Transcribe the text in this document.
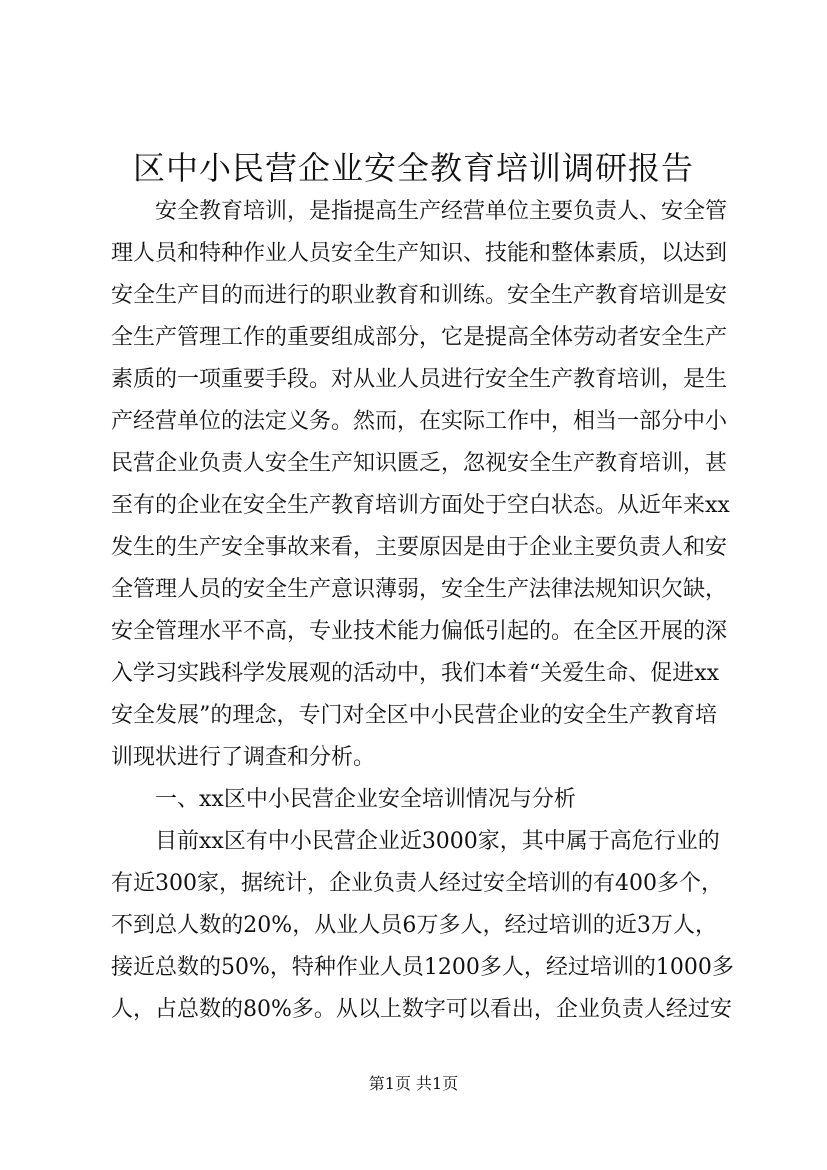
区中小民营企业安全教育培训调研报告
安全教育培训，是指提高生产经营单位主要负责人、安全管
理人员和特种作业人员安全生产知识、技能和整体素质，以达到
安全生产目的而进行的职业教育和训练。安全生产教育培训是安
全生产管理工作的重要组成部分，它是提高全体劳动者安全生产
素质的一项重要手段。对从业人员进行安全生产教育培训，是生
产经营单位的法定义务。然而，在实际工作中，相当一部分中小
民营企业负责人安全生产知识匮乏，忽视安全生产教育培训，甚
至有的企业在安全生产教育培训方面处于空白状态。从近年来xx
发生的生产安全事故来看，主要原因是由于企业主要负责人和安
全管理人员的安全生产意识薄弱，安全生产法律法规知识欠缺，
安全管理水平不高，专业技术能力偏低引起的。在全区开展的深
入学习实践科学发展观的活动中，我们本着“关爱生命、促进xx
安全发展”的理念，专门对全区中小民营企业的安全生产教育培
训现状进行了调查和分析。
一、xx区中小民营企业安全培训情况与分析
目前xx区有中小民营企业近3000家，其中属于高危行业的
有近300家，据统计，企业负责人经过安全培训的有400多个，
不到总人数的20%，从业人员6万多人，经过培训的近3万人，
接近总数的50%，特种作业人员1200多人，经过培训的1000多
人，占总数的80%多。从以上数字可以看出，企业负责人经过安
第1页 共1页
